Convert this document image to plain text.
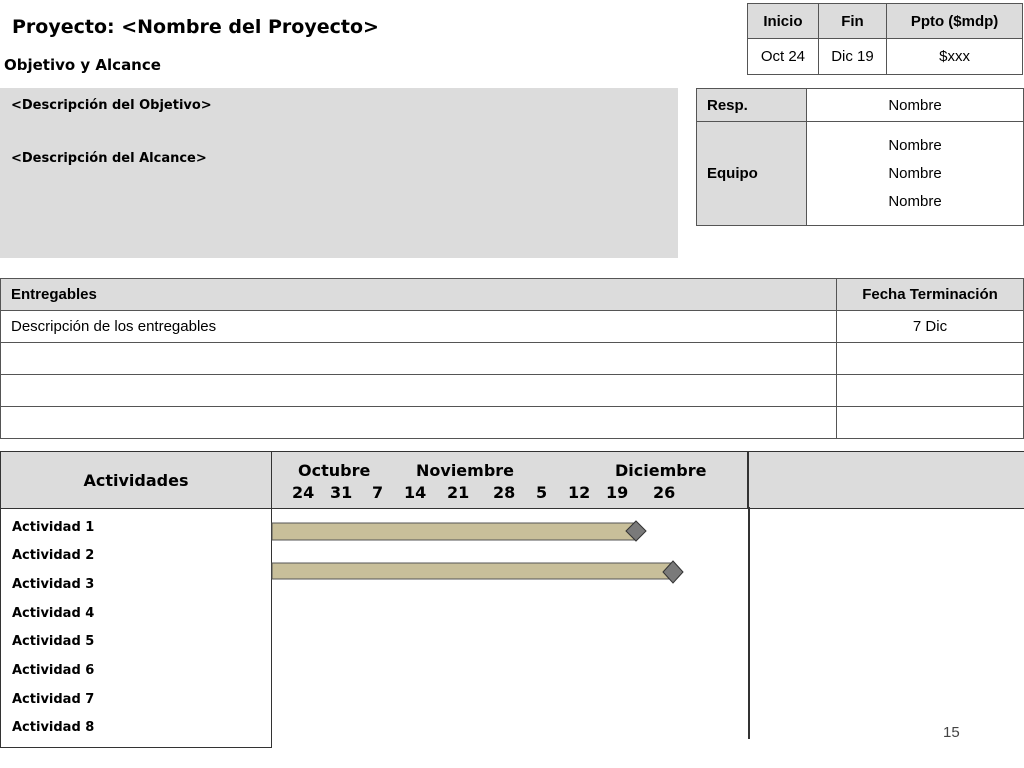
Proyecto: <Nombre del Proyecto>
Objetivo y Alcance
Inicio	Fin	Ppto ($mdp)
Oct 24	Dic 19	$xxx
<Descripción del Objetivo>
<Descripción del Alcance>
Resp.	Nombre
Equipo	Nombre
Nombre
Nombre
Entregables	Fecha Terminación
Descripción de los entregables	7 Dic

Actividades
Actividad 1
Actividad 2
Actividad 3
Actividad 4
Actividad 5
Actividad 6
Actividad 7
Actividad 8
Octubre	Noviembre	Diciembre
24 31 7 14 21 28 5 12 19 26
15
